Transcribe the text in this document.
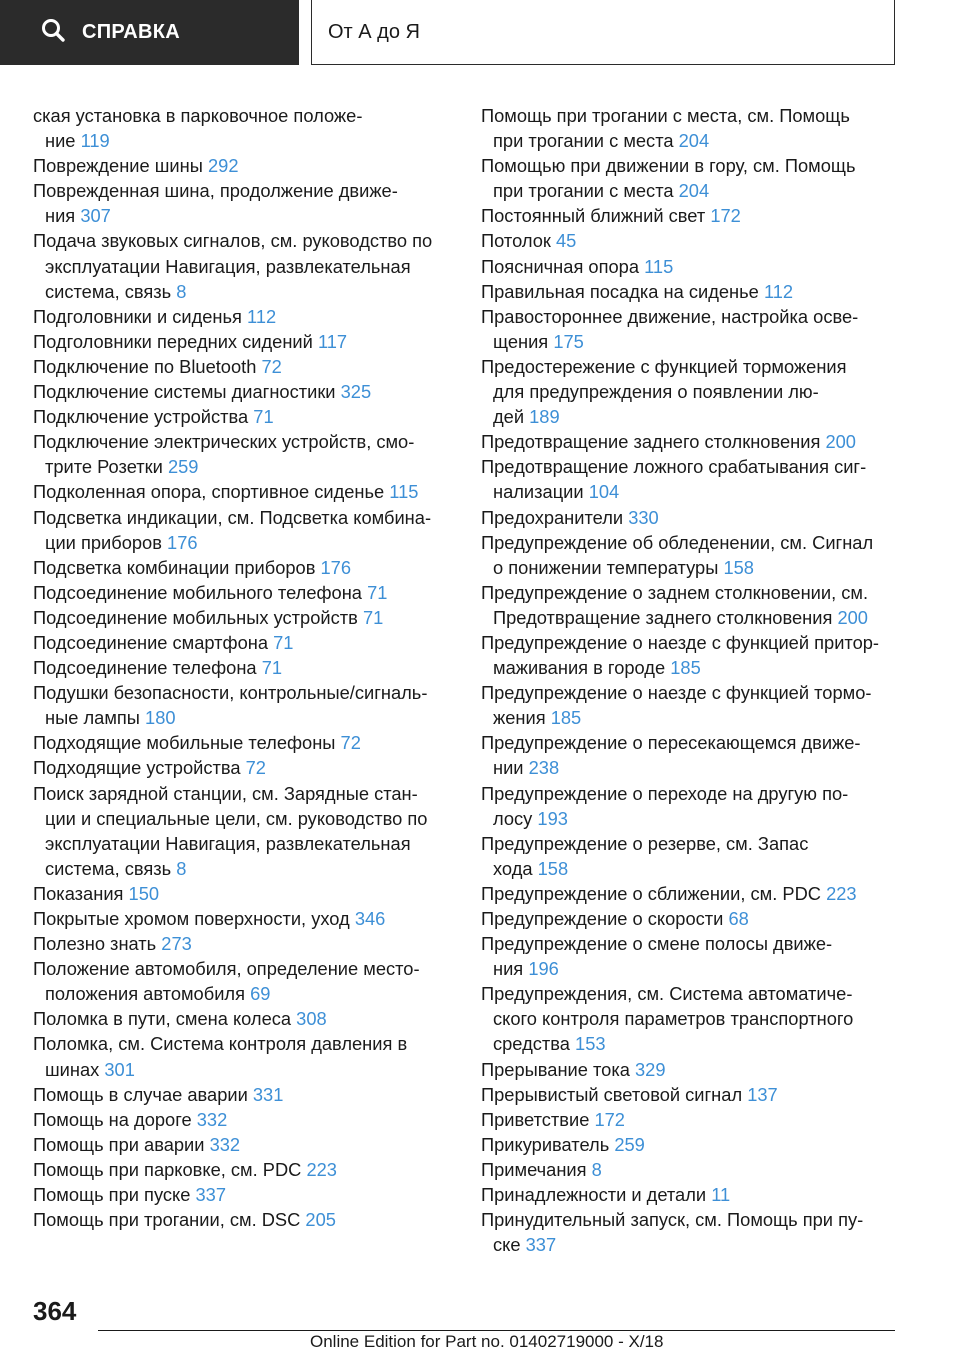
СПРАВКА	От А до Я
ская установка в парковочное положе-
ние 119
Повреждение шины 292
Поврежденная шина, продолжение движе-
ния 307
Подача звуковых сигналов, см. руководство по
эксплуатации Навигация, развлекательная
система, связь 8
Подголовники и сиденья 112
Подголовники передних сидений 117
Подключение по Bluetooth 72
Подключение системы диагностики 325
Подключение устройства 71
Подключение электрических устройств, смо-
трите Розетки 259
Подколенная опора, спортивное сиденье 115
Подсветка индикации, см. Подсветка комбина-
ции приборов 176
Подсветка комбинации приборов 176
Подсоединение мобильного телефона 71
Подсоединение мобильных устройств 71
Подсоединение смартфона 71
Подсоединение телефона 71
Подушки безопасности, контрольные/сигналь-
ные лампы 180
Подходящие мобильные телефоны 72
Подходящие устройства 72
Поиск зарядной станции, см. Зарядные стан-
ции и специальные цели, см. руководство по
эксплуатации Навигация, развлекательная
система, связь 8
Показания 150
Покрытые хромом поверхности, уход 346
Полезно знать 273
Положение автомобиля, определение место-
положения автомобиля 69
Поломка в пути, смена колеса 308
Поломка, см. Система контроля давления в
шинах 301
Помощь в случае аварии 331
Помощь на дороге 332
Помощь при аварии 332
Помощь при парковке, см. PDC 223
Помощь при пуске 337
Помощь при трогании, см. DSC 205
Помощь при трогании с места, см. Помощь
при трогании с места 204
Помощью при движении в гору, см. Помощь
при трогании с места 204
Постоянный ближний свет 172
Потолок 45
Поясничная опора 115
Правильная посадка на сиденье 112
Правостороннее движение, настройка осве-
щения 175
Предостережение с функцией торможения
для предупреждения о появлении лю-
дей 189
Предотвращение заднего столкновения 200
Предотвращение ложного срабатывания сиг-
нализации 104
Предохранители 330
Предупреждение об обледенении, см. Сигнал
о понижении температуры 158
Предупреждение о заднем столкновении, см.
Предотвращение заднего столкновения 200
Предупреждение о наезде с функцией притор-
маживания в городе 185
Предупреждение о наезде с функцией тормо-
жения 185
Предупреждение о пересекающемся движе-
нии 238
Предупреждение о переходе на другую по-
лосу 193
Предупреждение о резерве, см. Запас
хода 158
Предупреждение о сближении, см. PDC 223
Предупреждение о скорости 68
Предупреждение о смене полосы движе-
ния 196
Предупреждения, см. Система автоматиче-
ского контроля параметров транспортного
средства 153
Прерывание тока 329
Прерывистый световой сигнал 137
Приветствие 172
Прикуриватель 259
Примечания 8
Принадлежности и детали 11
Принудительный запуск, см. Помощь при пу-
ске 337
364
Online Edition for Part no. 01402719000 - X/18
